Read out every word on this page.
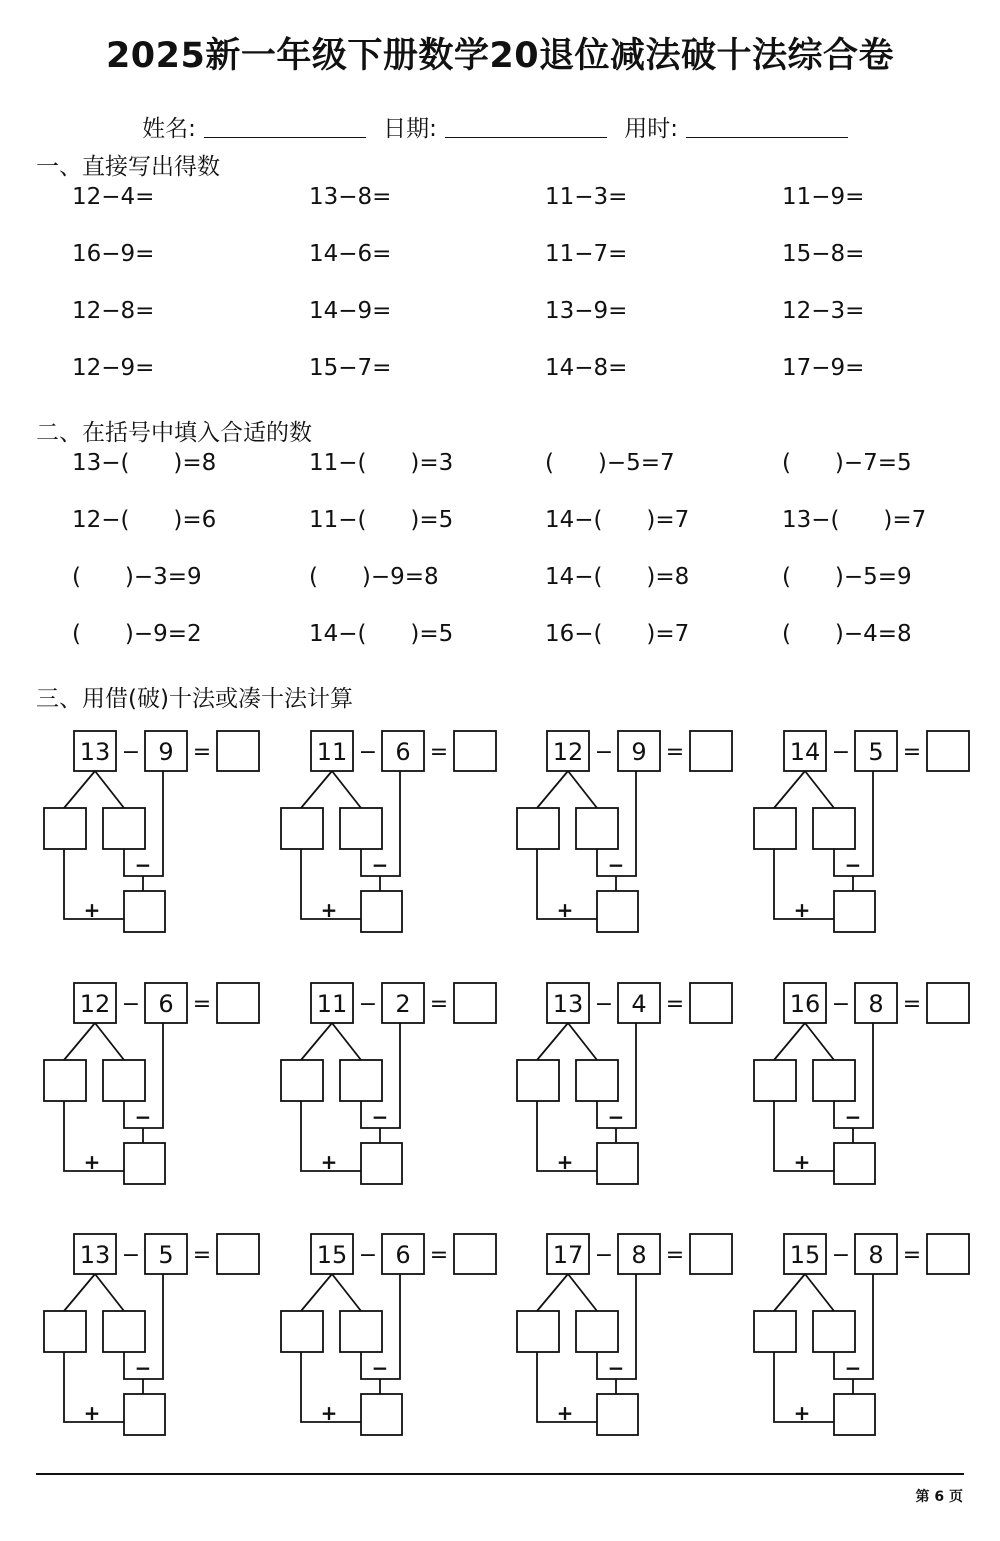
2025新一年级下册数学20退位减法破十法综合卷
姓名:	日期:	用时:
一、直接写出得数
12−4=	13−8=	11−3=	11−9=
16−9=	14−6=	11−7=	15−8=
12−8=	14−9=	13−9=	12−3=
12−9=	15−7=	14−8=	17−9=
二、在括号中填入合适的数
13−(      )=8	11−(      )=3	(      )−5=7	(      )−7=5
12−(      )=6	11−(      )=5	14−(      )=7	13−(      )=7
(      )−3=9	(      )−9=8	14−(      )=8	(      )−5=9
(      )−9=2	14−(      )=5	16−(      )=7	(      )−4=8
三、用借(破)十法或凑十法计算
13 9
− =
−
+
11 6
− =
−
+
12 9
− =
−
+
14 5
− =
−
+
12 6
− =
−
+
11 2
− =
−
+
13 4
− =
−
+
16 8
− =
−
+
13 5
− =
−
+
15 6
− =
−
+
17 8
− =
−
+
15 8
− =
−
+
第 6 页
